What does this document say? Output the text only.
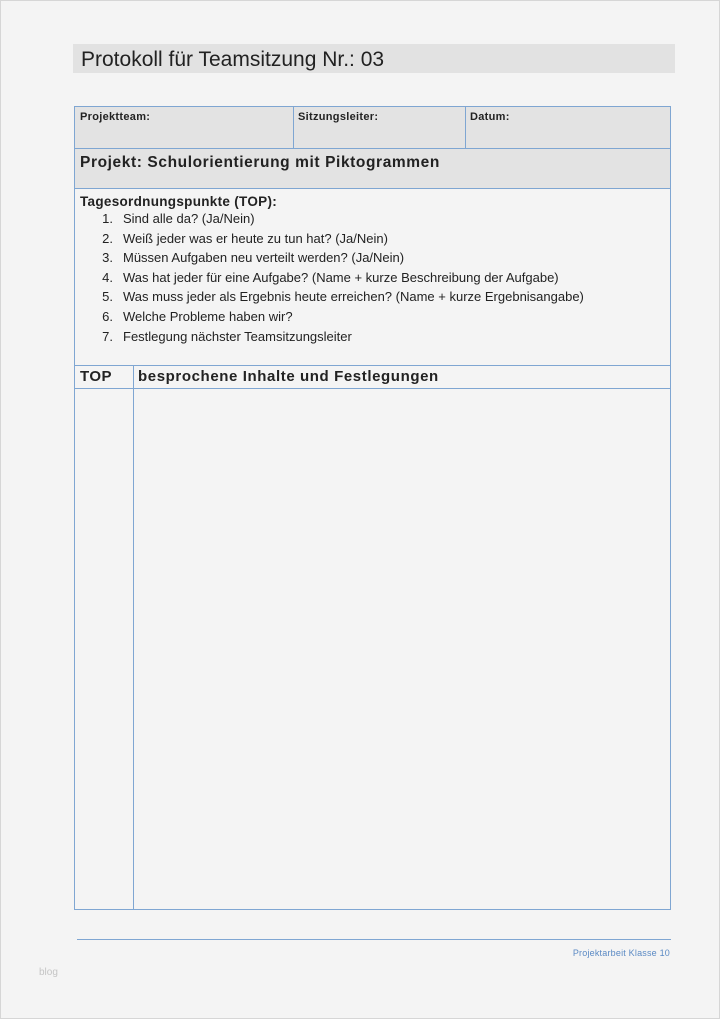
Protokoll für Teamsitzung Nr.: 03
Projektteam:	Sitzungsleiter:	Datum:
Projekt: Schulorientierung mit Piktogrammen
Tagesordnungspunkte (TOP):
1. Sind alle da? (Ja/Nein)
2. Weiß jeder was er heute zu tun hat? (Ja/Nein)
3. Müssen Aufgaben neu verteilt werden? (Ja/Nein)
4. Was hat jeder für eine Aufgabe? (Name + kurze Beschreibung der Aufgabe)
5. Was muss jeder als Ergebnis heute erreichen? (Name + kurze Ergebnisangabe)
6. Welche Probleme haben wir?
7. Festlegung nächster Teamsitzungsleiter
TOP besprochene Inhalte und Festlegungen
Projektarbeit Klasse 10
blog
